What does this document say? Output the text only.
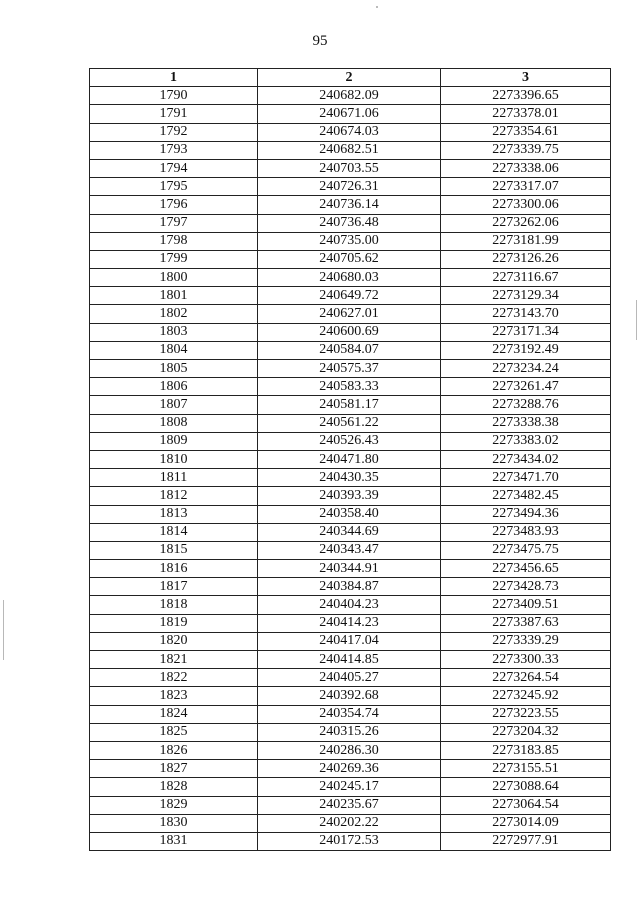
95
1	2	3
1790	240682.09	2273396.65
1791	240671.06	2273378.01
1792	240674.03	2273354.61
1793	240682.51	2273339.75
1794	240703.55	2273338.06
1795	240726.31	2273317.07
1796	240736.14	2273300.06
1797	240736.48	2273262.06
1798	240735.00	2273181.99
1799	240705.62	2273126.26
1800	240680.03	2273116.67
1801	240649.72	2273129.34
1802	240627.01	2273143.70
1803	240600.69	2273171.34
1804	240584.07	2273192.49
1805	240575.37	2273234.24
1806	240583.33	2273261.47
1807	240581.17	2273288.76
1808	240561.22	2273338.38
1809	240526.43	2273383.02
1810	240471.80	2273434.02
1811	240430.35	2273471.70
1812	240393.39	2273482.45
1813	240358.40	2273494.36
1814	240344.69	2273483.93
1815	240343.47	2273475.75
1816	240344.91	2273456.65
1817	240384.87	2273428.73
1818	240404.23	2273409.51
1819	240414.23	2273387.63
1820	240417.04	2273339.29
1821	240414.85	2273300.33
1822	240405.27	2273264.54
1823	240392.68	2273245.92
1824	240354.74	2273223.55
1825	240315.26	2273204.32
1826	240286.30	2273183.85
1827	240269.36	2273155.51
1828	240245.17	2273088.64
1829	240235.67	2273064.54
1830	240202.22	2273014.09
1831	240172.53	2272977.91
